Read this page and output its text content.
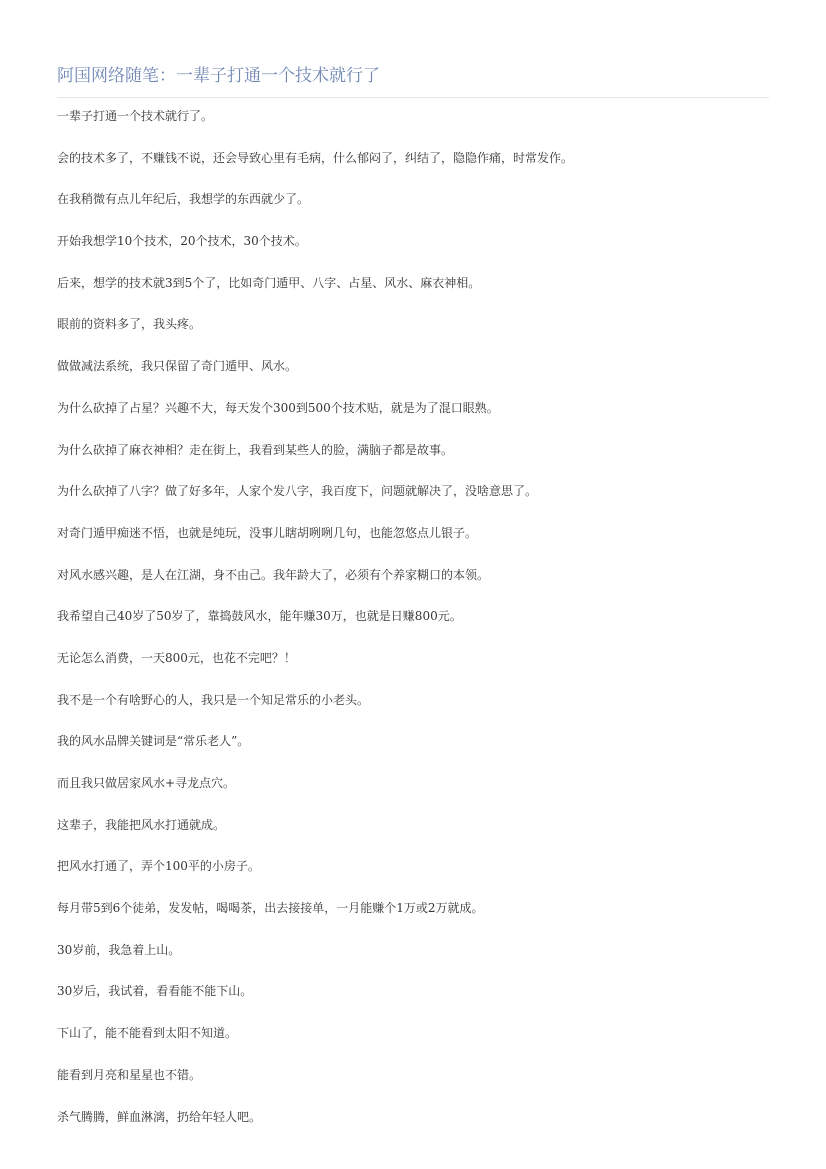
阿国网络随笔：一辈子打通一个技术就行了

一辈子打通一个技术就行了。

会的技术多了，不赚钱不说，还会导致心里有毛病，什么郁闷了，纠结了，隐隐作痛，时常发作。

在我稍微有点儿年纪后，我想学的东西就少了。

开始我想学10个技术，20个技术，30个技术。

后来，想学的技术就3到5个了，比如奇门遁甲、八字、占星、风水、麻衣神相。

眼前的资料多了，我头疼。

做做减法系统，我只保留了奇门遁甲、风水。

为什么砍掉了占星？兴趣不大，每天发个300到500个技术贴，就是为了混口眼熟。

为什么砍掉了麻衣神相？走在街上，我看到某些人的脸，满脑子都是故事。

为什么砍掉了八字？做了好多年，人家个发八字，我百度下，问题就解决了，没啥意思了。

对奇门遁甲痴迷不悟，也就是纯玩，没事儿瞎胡咧咧几句，也能忽悠点儿银子。

对风水感兴趣，是人在江湖，身不由己。我年龄大了，必须有个养家糊口的本领。

我希望自己40岁了50岁了，靠捣鼓风水，能年赚30万，也就是日赚800元。

无论怎么消费，一天800元，也花不完吧？！

我不是一个有啥野心的人，我只是一个知足常乐的小老头。

我的风水品牌关键词是“常乐老人”。

而且我只做居家风水+寻龙点穴。

这辈子，我能把风水打通就成。

把风水打通了，弄个100平的小房子。

每月带5到6个徒弟，发发帖，喝喝茶，出去接接单，一月能赚个1万或2万就成。

30岁前，我急着上山。

30岁后，我试着，看看能不能下山。

下山了，能不能看到太阳不知道。

能看到月亮和星星也不错。

杀气腾腾，鲜血淋漓，扔给年轻人吧。
